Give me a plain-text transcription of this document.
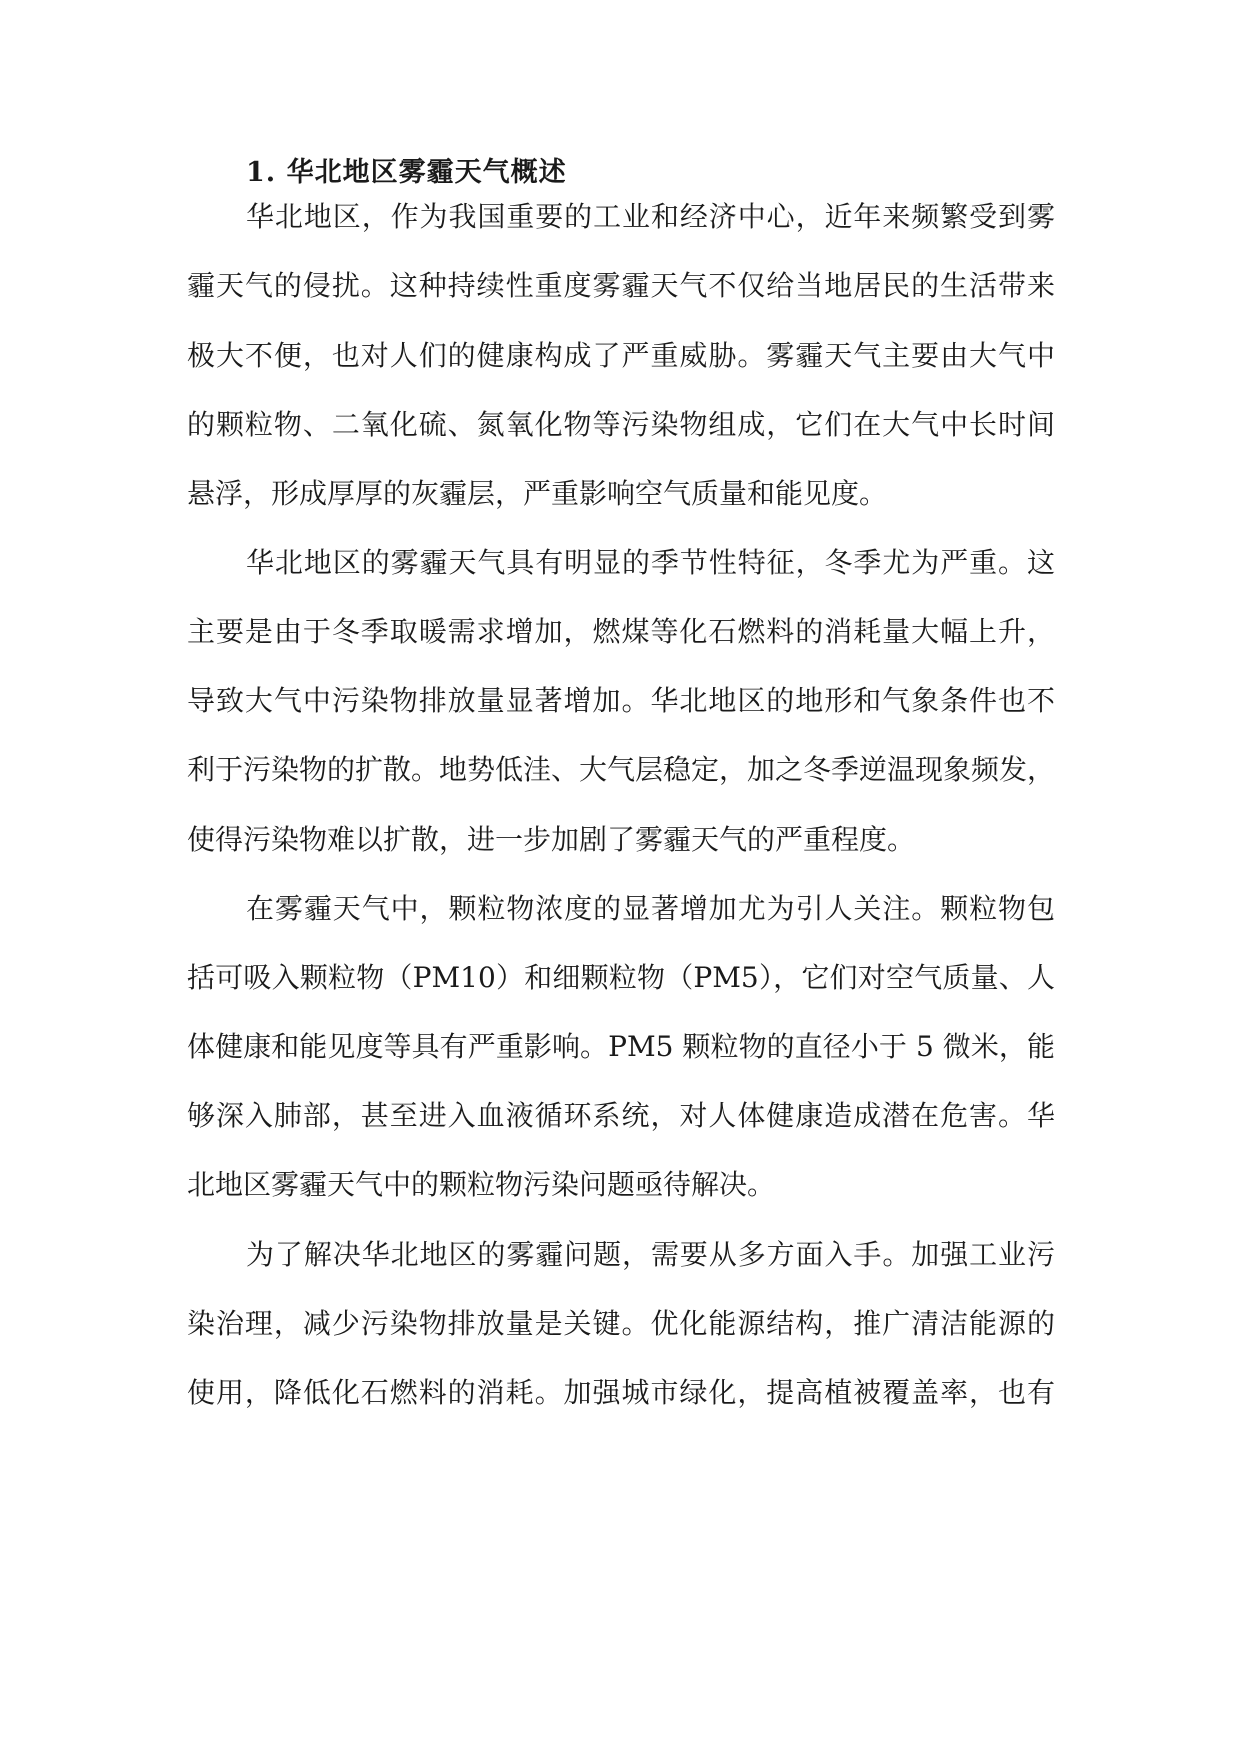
1. 华北地区雾霾天气概述

华北地区，作为我国重要的工业和经济中心，近年来频繁受到雾

霾天气的侵扰。这种持续性重度雾霾天气不仅给当地居民的生活带来

极大不便，也对人们的健康构成了严重威胁。雾霾天气主要由大气中

的颗粒物、二氧化硫、氮氧化物等污染物组成，它们在大气中长时间

悬浮，形成厚厚的灰霾层，严重影响空气质量和能见度。

华北地区的雾霾天气具有明显的季节性特征，冬季尤为严重。这

主要是由于冬季取暖需求增加，燃煤等化石燃料的消耗量大幅上升，

导致大气中污染物排放量显著增加。华北地区的地形和气象条件也不

利于污染物的扩散。地势低洼、大气层稳定，加之冬季逆温现象频发，

使得污染物难以扩散，进一步加剧了雾霾天气的严重程度。

在雾霾天气中，颗粒物浓度的显著增加尤为引人关注。颗粒物包

括可吸入颗粒物（PM10）和细颗粒物（PM5），它们对空气质量、人

体健康和能见度等具有严重影响。PM5 颗粒物的直径小于 5 微米，能

够深入肺部，甚至进入血液循环系统，对人体健康造成潜在危害。华

北地区雾霾天气中的颗粒物污染问题亟待解决。

为了解决华北地区的雾霾问题，需要从多方面入手。加强工业污

染治理，减少污染物排放量是关键。优化能源结构，推广清洁能源的

使用，降低化石燃料的消耗。加强城市绿化，提高植被覆盖率，也有
